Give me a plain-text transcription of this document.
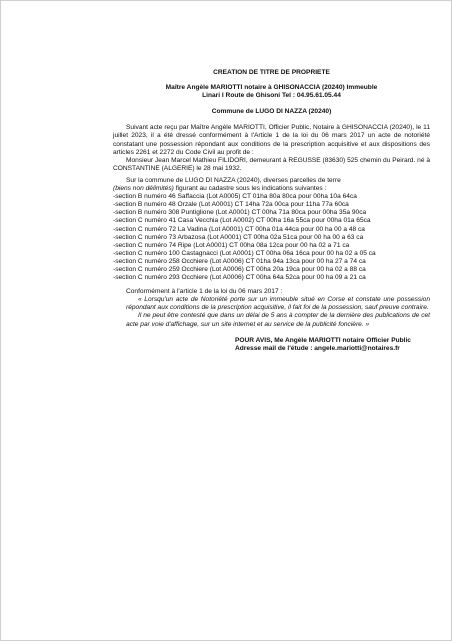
CREATION DE TITRE DE PROPRIETE

Maître Angèle MARIOTTI notaire à GHISONACCIA (20240) Immeuble

Linari I Route de Ghisoni Tel : 04.95.61.05.44

Commune de LUGO DI NAZZA (20240)

Suivant acte reçu par Maître Angèle MARIOTTI, Officier Public, Notaire à GHISONACCIA (20240), le 11 juillet 2023, il a été dressé conformément à l'Article 1 de la loi du 06 mars 2017 un acte de notoriété constatant une possession répondant aux conditions de la prescription acquisitive et aux dispositions des articles 2261 et 2272 du Code Civil au profit de :

Monsieur Jean Marcel Mathieu FILIDORI, demeurant à REGUSSE (83630) 525 chemin du Peirard. né à CONSTANTINE (ALGERIE) le 28 mai 1932.

Sur la commune de LUGO DI NAZZA (20240), diverses parcelles de terre

(biens non délimités) figurant au cadastre sous les indications suivantes :

-section B numéro 46 Saffaccia (Lot A0005) CT 01ha 80a 80ca pour 00ha 10a 64ca
-section B numéro 48 Orzale (Lot A0001) CT 14ha 72a 00ca pour 11ha 77a 60ca
-section B numéro 308 Puntiglione (Lot A0001) CT 00ha 71a 80ca pour 00ha 35a 90ca
-section C numéro 41 Casa Vecchia (Lot A0002) CT 00ha 16a 55ca pour 00ha 01a 65ca
-section C numéro 72 La Vadina (Lot A0001) CT 00ha 01a 44ca pour 00 ha 00 a 48 ca
-section C numéro 73 Arbazosa (Lot A0001) CT 00ha 02a 51ca pour 00 ha 00 a 63 ca
-section C numéro 74 Ripe (Lot A0001) CT 00ha 08a 12ca pour 00 ha 02 a 71 ca
-section C numéro 100 Castagnacci (Lot A0001) CT 00ha 06a 16ca pour 00 ha 02 a 05 ca
-section C numéro 258 Occhiere (Lot A0006) CT 01ha 94a 13ca pour 00 ha 27 a 74 ca
-section C numéro 259 Occhiere (Lot A0006) CT 00ha 20a 19ca pour 00 ha 02 a 88 ca
-section C numéro 293 Occhiere (Lot A0006) CT 00ha 64a 52ca pour 00 ha 09 a 21 ca

Conformément à l'article 1 de la loi du 06 mars 2017 :

« Lorsqu'un acte de Notoriété porte sur un immeuble situé en Corse et constate une possession répondant aux conditions de la prescription acquisitive, il fait foi de la possession, sauf preuve contraire.

Il ne peut être contesté que dans un délai de 5 ans à compter de la dernière des publications de cet acte par voie d'affichage, sur un site internet et au service de la publicité foncière. »

POUR AVIS, Me Angèle MARIOTTI notaire Officier Public

Adresse mail de l'étude : angele.mariotti@notaires.fr
